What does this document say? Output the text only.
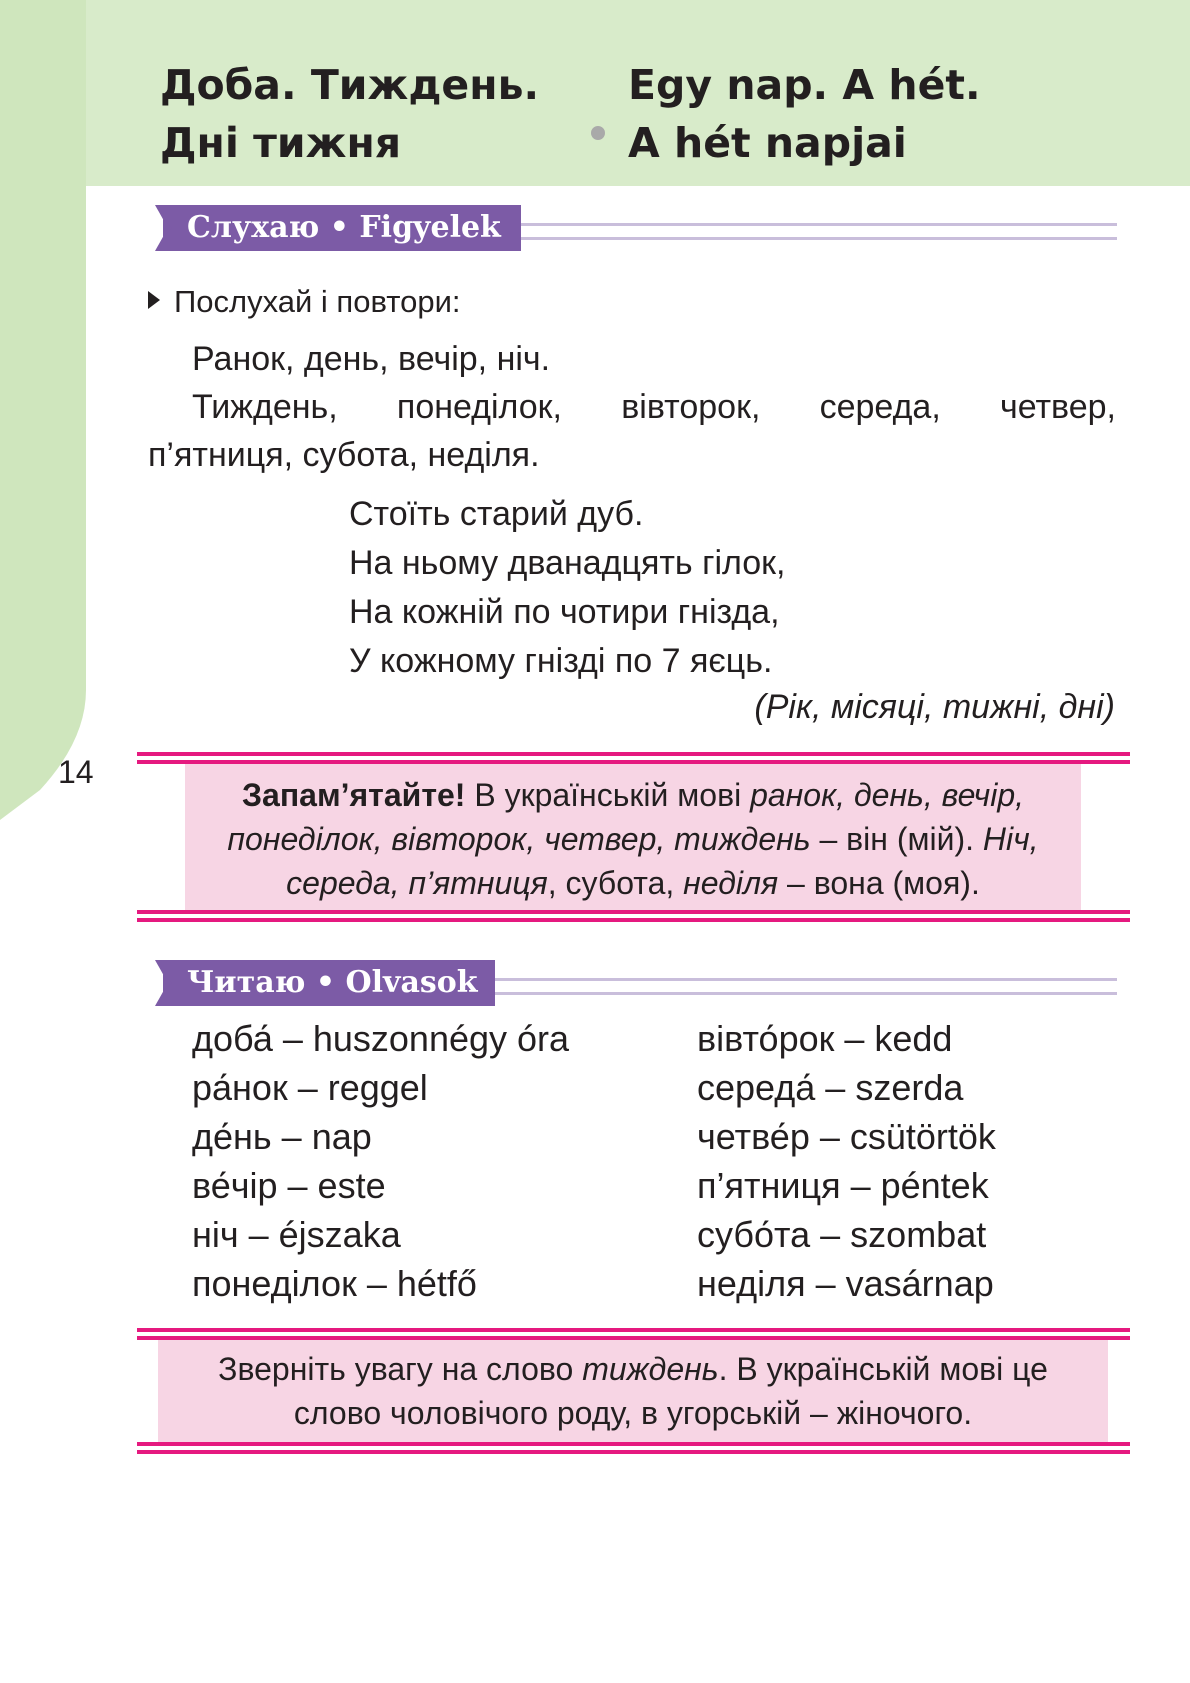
Доба. Тиждень.
Дні тижня
Egy nap. A hét.
A hét napjai
14
Слухаю • Figyelek
Послухай і повтори:
Ранок, день, вечір, ніч.
Тиждень, понеділок, вівторок, середа, четвер,
п’ятниця, субота, неділя.
Стоїть старий дуб.
На ньому дванадцять гілок,
На кожній по чотири гнізда,
У кожному гнізді по 7 яєць.
(Рік, місяці, тижні, дні)
Запам’ятайте! В українській мові ранок, день, вечір,
понеділок, вівторок, четвер, тиждень – він (мій). Ніч,
середа, п’ятниця, субота, неділя – вона (моя).
Читаю • Olvasok
доба́ – huszonnégy óra
ра́нок – reggel
де́нь – nap
ве́чір – este
ніч – éjszaka
понеділок – hétfő
вівто́рок – kedd
середа́ – szerda
четве́р – csütörtök
п’ятниця – péntek
субо́та – szombat
неділя – vasárnap
Зверніть увагу на слово тиждень. В українській мові це
слово чоловічого роду, в угорській – жіночого.
